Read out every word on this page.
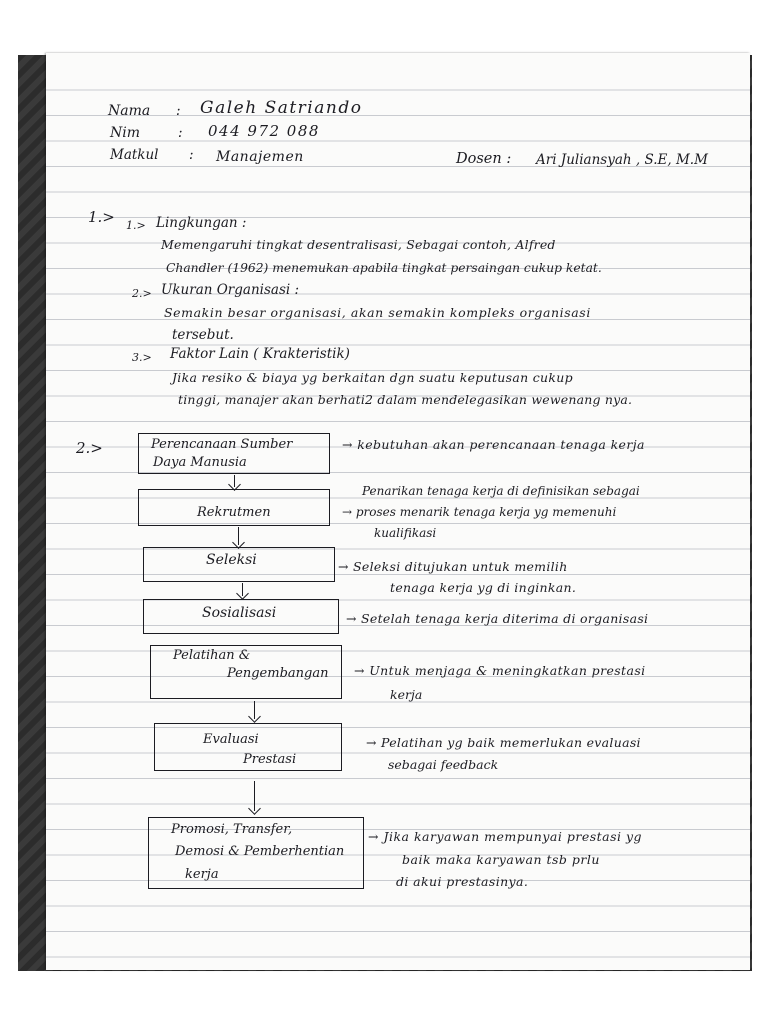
Nama : Galeh Satriando
Nim	: 044 972 088
Matkul : Manajemen	Dosen : Ari Juliansyah , S.E, M.M
1.> 1.> Lingkungan :
Memengaruhi tingkat desentralisasi, Sebagai contoh, Alfred
Chandler (1962) menemukan apabila tingkat persaingan cukup ketat.
2.> Ukuran Organisasi :
Semakin besar organisasi, akan semakin kompleks organisasi
tersebut.
3.> Faktor Lain ( Krakteristik)
Jika resiko & biaya yg berkaitan dgn suatu keputusan cukup
tinggi, manajer akan berhati2 dalam mendelegasikan wewenang nya.
2.>	Perencanaan Sumber
Daya Manusia
→ kebutuhan akan perencanaan tenaga kerja
Rekrutmen
Penarikan tenaga kerja di definisikan sebagai
→ proses menarik tenaga kerja yg memenuhi
kualifikasi
Seleksi	→ Seleksi ditujukan untuk memilih
tenaga kerja yg di inginkan.
Sosialisasi	→ Setelah tenaga kerja diterima di organisasi
Pelatihan &
Pengembangan → Untuk menjaga & meningkatkan prestasi
kerja
Evaluasi
Prestasi
→ Pelatihan yg baik memerlukan evaluasi
sebagai feedback
Promosi, Transfer,
Demosi & Pemberhentian
kerja
→ Jika karyawan mempunyai prestasi yg
baik maka karyawan tsb prlu
di akui prestasinya.
